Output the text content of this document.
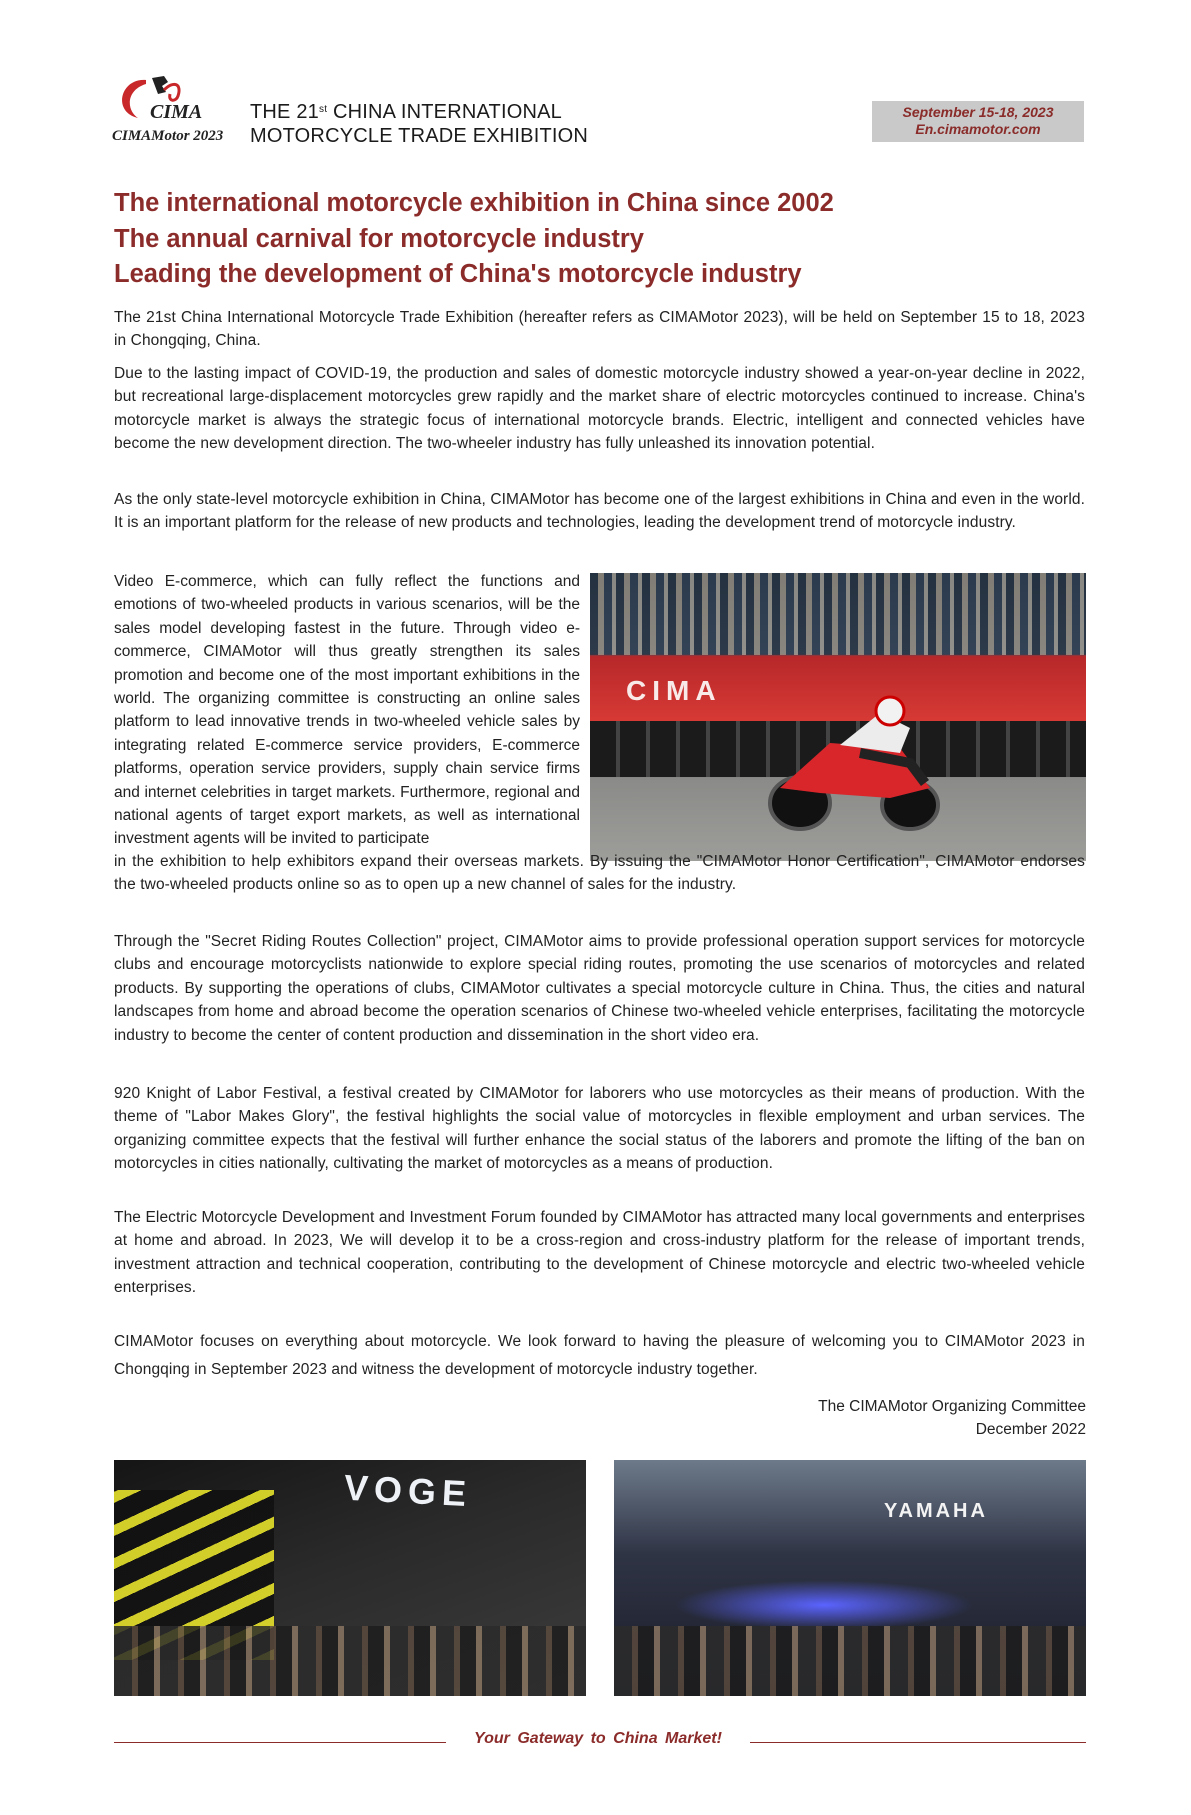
CIMA
CIMAMotor 2023
THE 21st CHINA INTERNATIONAL
MOTORCYCLE TRADE EXHIBITION
September 15-18, 2023
En.cimamotor.com
The international motorcycle exhibition in China since 2002
The annual carnival for motorcycle industry
Leading the development of China's motorcycle industry

The 21st China International Motorcycle Trade Exhibition (hereafter refers as CIMAMotor 2023), will be held on September 15 to 18, 2023 in Chongqing, China.

Due to the lasting impact of COVID-19, the production and sales of domestic motorcycle industry showed a year-on-year decline in 2022, but recreational large-displacement motorcycles grew rapidly and the market share of electric motorcycles continued to increase. China's motorcycle market is always the strategic focus of international motorcycle brands. Electric, intelligent and connected vehicles have become the new development direction. The two-wheeler industry has fully unleashed its innovation potential.

As the only state-level motorcycle exhibition in China, CIMAMotor has become one of the largest exhibitions in China and even in the world. It is an important platform for the release of new products and technologies, leading the development trend of motorcycle industry.

Video E-commerce, which can fully reflect the functions and emotions of two-wheeled products in various scenarios, will be the sales model developing fastest in the future. Through video e-commerce, CIMAMotor will thus greatly strengthen its sales promotion and become one of the most important exhibitions in the world. The organizing committee is constructing an online sales platform to lead innovative trends in two-wheeled vehicle sales by integrating related E-commerce service providers, E-commerce platforms, operation service providers, supply chain service firms and internet celebrities in target markets. Furthermore, regional and national agents of target export markets, as well as international investment agents will be invited to participate

CIMA

in the exhibition to help exhibitors expand their overseas markets. By issuing the "CIMAMotor Honor Certification", CIMAMotor endorses the two-wheeled products online so as to open up a new channel of sales for the industry.

Through the "Secret Riding Routes Collection" project, CIMAMotor aims to provide professional operation support services for motorcycle clubs and encourage motorcyclists nationwide to explore special riding routes, promoting the use scenarios of motorcycles and related products. By supporting the operations of clubs, CIMAMotor cultivates a special motorcycle culture in China. Thus, the cities and natural landscapes from home and abroad become the operation scenarios of Chinese two-wheeled vehicle enterprises, facilitating the motorcycle industry to become the center of content production and dissemination in the short video era.

920 Knight of Labor Festival, a festival created by CIMAMotor for laborers who use motorcycles as their means of production. With the theme of "Labor Makes Glory", the festival highlights the social value of motorcycles in flexible employment and urban services. The organizing committee expects that the festival will further enhance the social status of the laborers and promote the lifting of the ban on motorcycles in cities nationally, cultivating the market of motorcycles as a means of production.

The Electric Motorcycle Development and Investment Forum founded by CIMAMotor has attracted many local governments and enterprises at home and abroad. In 2023, We will develop it to be a cross-region and cross-industry platform for the release of important trends, investment attraction and technical cooperation, contributing to the development of Chinese motorcycle and electric two-wheeled vehicle enterprises.

CIMAMotor focuses on everything about motorcycle. We look forward to having the pleasure of welcoming you to CIMAMotor 2023 in Chongqing in September 2023 and witness the development of motorcycle industry together.

The CIMAMotor Organizing Committee
December 2022
VOGE	YAMAHA
Your Gateway to China Market!
